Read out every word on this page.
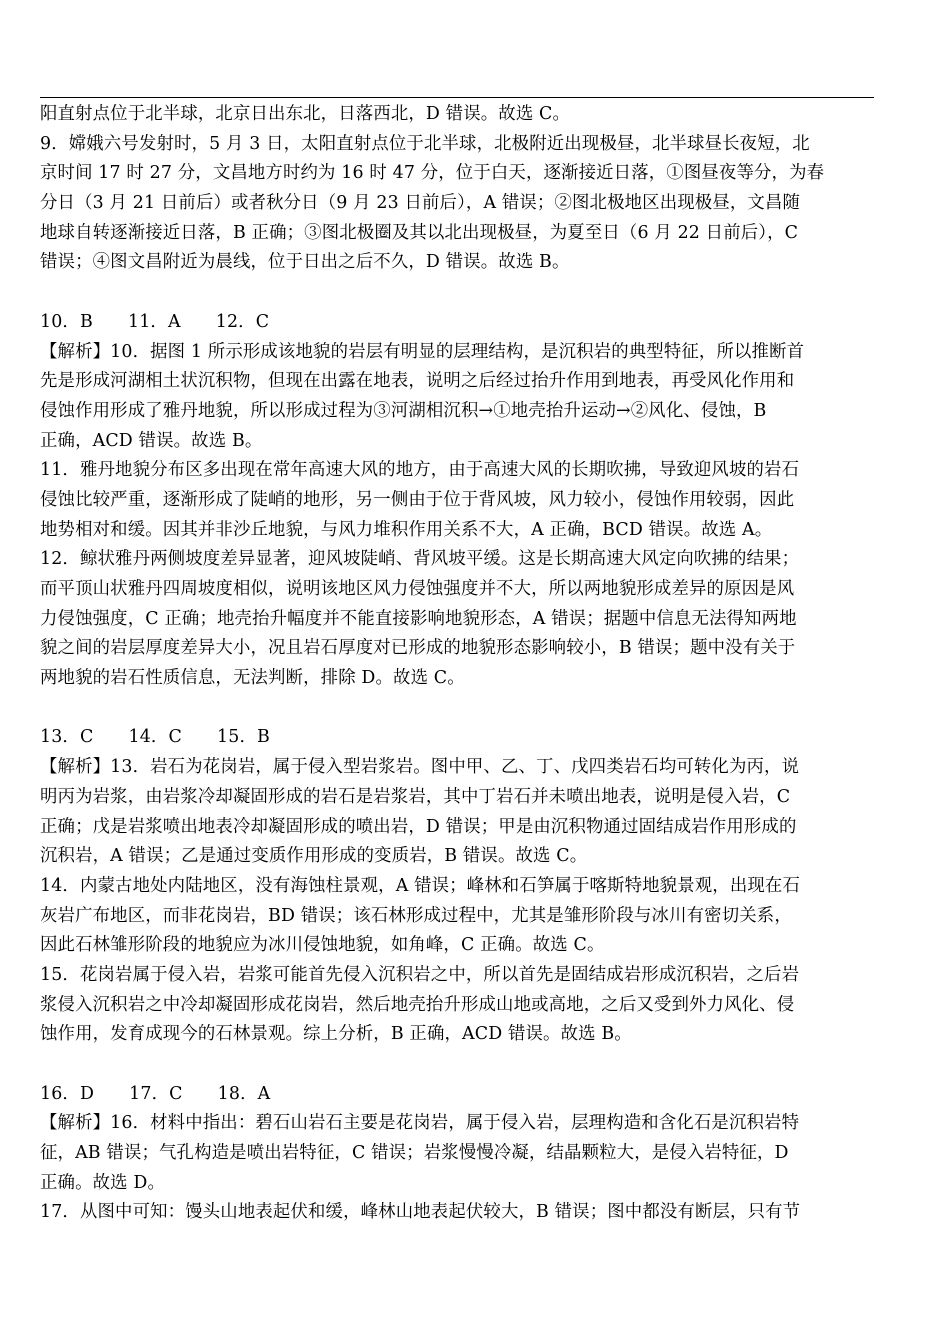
阳直射点位于北半球，北京日出东北，日落西北，D 错误。故选 C。
9．嫦娥六号发射时，5 月 3 日，太阳直射点位于北半球，北极附近出现极昼，北半球昼长夜短，北
京时间 17 时 27 分，文昌地方时约为 16 时 47 分，位于白天，逐渐接近日落，①图昼夜等分，为春
分日（3 月 21 日前后）或者秋分日（9 月 23 日前后），A 错误；②图北极地区出现极昼，文昌随
地球自转逐渐接近日落，B 正确；③图北极圈及其以北出现极昼，为夏至日（6 月 22 日前后），C
错误；④图文昌附近为晨线，位于日出之后不久，D 错误。故选 B。
10．B　　11．A　　12．C
【解析】10．据图 1 所示形成该地貌的岩层有明显的层理结构，是沉积岩的典型特征，所以推断首
先是形成河湖相土状沉积物，但现在出露在地表，说明之后经过抬升作用到地表，再受风化作用和
侵蚀作用形成了雅丹地貌，所以形成过程为③河湖相沉积→①地壳抬升运动→②风化、侵蚀，B
正确，ACD 错误。故选 B。
11．雅丹地貌分布区多出现在常年高速大风的地方，由于高速大风的长期吹拂，导致迎风坡的岩石
侵蚀比较严重，逐渐形成了陡峭的地形，另一侧由于位于背风坡，风力较小，侵蚀作用较弱，因此
地势相对和缓。因其并非沙丘地貌，与风力堆积作用关系不大，A 正确，BCD 错误。故选 A。
12．鲸状雅丹两侧坡度差异显著，迎风坡陡峭、背风坡平缓。这是长期高速大风定向吹拂的结果；
而平顶山状雅丹四周坡度相似，说明该地区风力侵蚀强度并不大，所以两地貌形成差异的原因是风
力侵蚀强度，C 正确；地壳抬升幅度并不能直接影响地貌形态，A 错误；据题中信息无法得知两地
貌之间的岩层厚度差异大小，况且岩石厚度对已形成的地貌形态影响较小，B 错误；题中没有关于
两地貌的岩石性质信息，无法判断，排除 D。故选 C。
13．C　　14．C　　15．B
【解析】13．岩石为花岗岩，属于侵入型岩浆岩。图中甲、乙、丁、戊四类岩石均可转化为丙，说
明丙为岩浆，由岩浆冷却凝固形成的岩石是岩浆岩，其中丁岩石并未喷出地表，说明是侵入岩，C
正确；戊是岩浆喷出地表冷却凝固形成的喷出岩，D 错误；甲是由沉积物通过固结成岩作用形成的
沉积岩，A 错误；乙是通过变质作用形成的变质岩，B 错误。故选 C。
14．内蒙古地处内陆地区，没有海蚀柱景观，A 错误；峰林和石笋属于喀斯特地貌景观，出现在石
灰岩广布地区，而非花岗岩，BD 错误；该石林形成过程中，尤其是雏形阶段与冰川有密切关系，
因此石林雏形阶段的地貌应为冰川侵蚀地貌，如角峰，C 正确。故选 C。
15．花岗岩属于侵入岩，岩浆可能首先侵入沉积岩之中，所以首先是固结成岩形成沉积岩，之后岩
浆侵入沉积岩之中冷却凝固形成花岗岩，然后地壳抬升形成山地或高地，之后又受到外力风化、侵
蚀作用，发育成现今的石林景观。综上分析，B 正确，ACD 错误。故选 B。
16．D　　17．C　　18．A
【解析】16．材料中指出：碧石山岩石主要是花岗岩，属于侵入岩，层理构造和含化石是沉积岩特
征，AB 错误；气孔构造是喷出岩特征，C 错误；岩浆慢慢冷凝，结晶颗粒大，是侵入岩特征，D
正确。故选 D。
17．从图中可知：馒头山地表起伏和缓，峰林山地表起伏较大，B 错误；图中都没有断层，只有节
